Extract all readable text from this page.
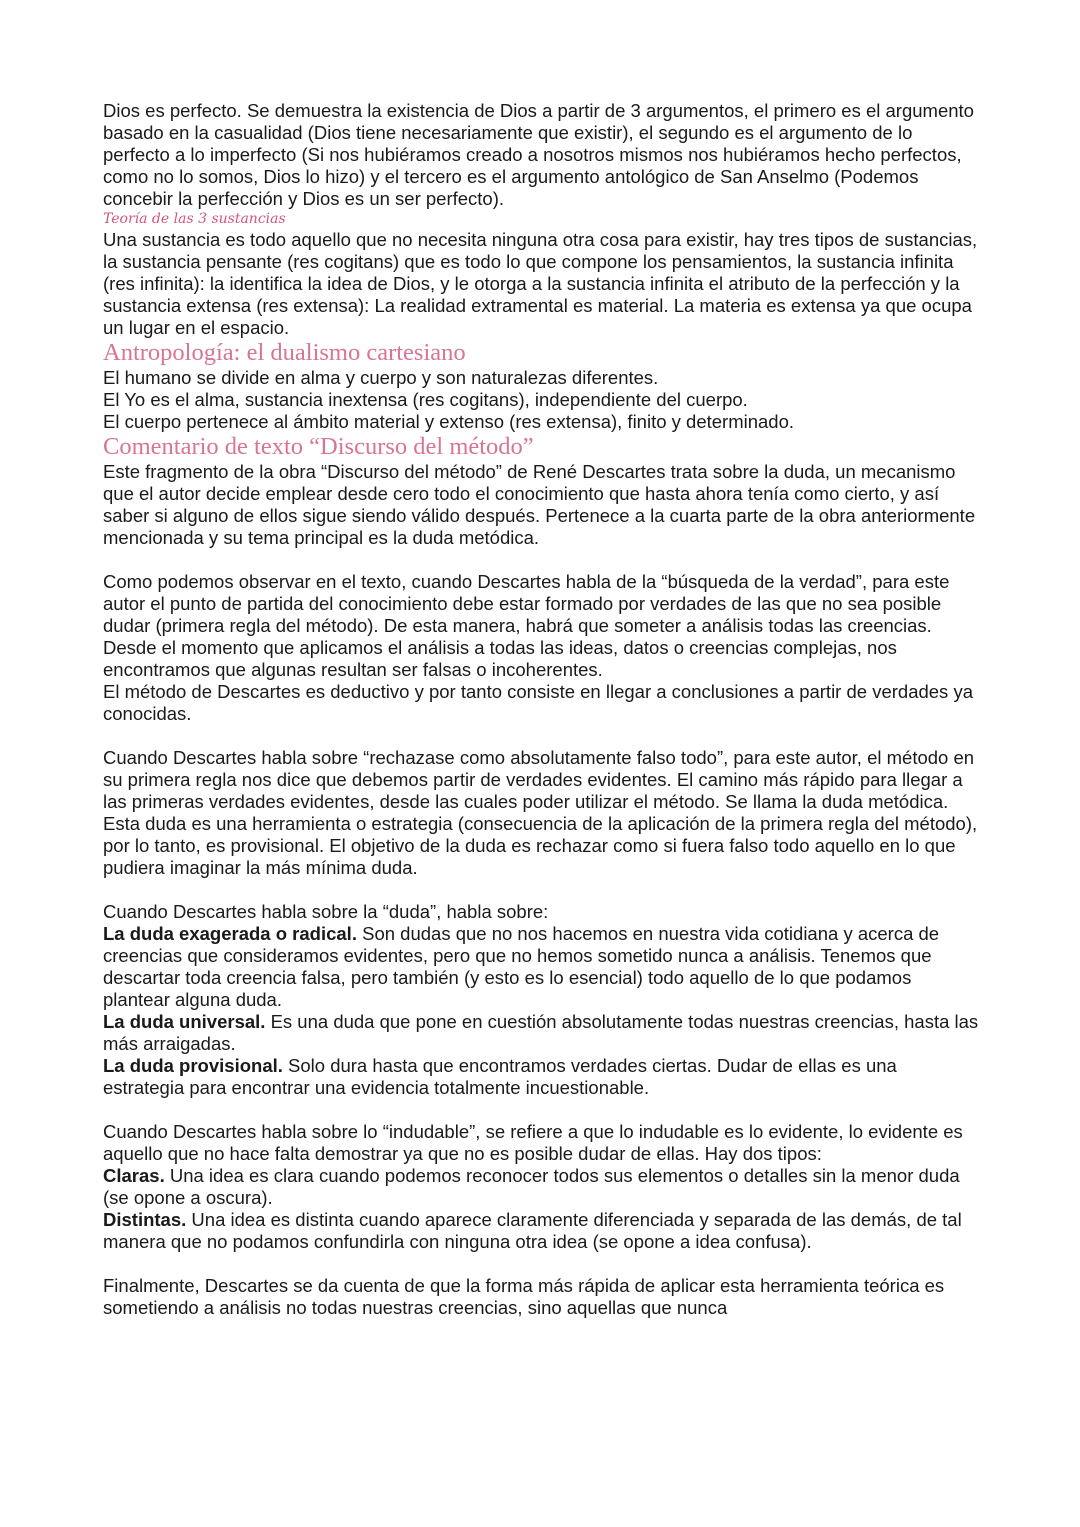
Dios es perfecto. Se demuestra la existencia de Dios a partir de 3 argumentos, el primero es el argumento basado en la casualidad (Dios tiene necesariamente que existir), el segundo es el argumento de lo perfecto a lo imperfecto (Si nos hubiéramos creado a nosotros mismos nos hubiéramos hecho perfectos, como no lo somos, Dios lo hizo) y el tercero es el argumento antológico de San Anselmo (Podemos concebir la perfección y Dios es un ser perfecto).

Teoría de las 3 sustancias

Una sustancia es todo aquello que no necesita ninguna otra cosa para existir, hay tres tipos de sustancias, la sustancia pensante (res cogitans) que es todo lo que compone los pensamientos, la sustancia infinita (res infinita): la identifica la idea de Dios, y le otorga a la sustancia infinita el atributo de la perfección y la sustancia extensa (res extensa): La realidad extramental es material. La materia es extensa ya que ocupa un lugar en el espacio.

Antropología: el dualismo cartesiano

El humano se divide en alma y cuerpo y son naturalezas diferentes.

El Yo es el alma, sustancia inextensa (res cogitans), independiente del cuerpo.

El cuerpo pertenece al ámbito material y extenso (res extensa), finito y determinado.

Comentario de texto “Discurso del método”

Este fragmento de la obra “Discurso del método” de René Descartes trata sobre la duda, un mecanismo que el autor decide emplear desde cero todo el conocimiento que hasta ahora tenía como cierto, y así saber si alguno de ellos sigue siendo válido después. Pertenece a la cuarta parte de la obra anteriormente mencionada y su tema principal es la duda metódica.

Como podemos observar en el texto, cuando Descartes habla de la “búsqueda de la verdad”, para este autor el punto de partida del conocimiento debe estar formado por verdades de las que no sea posible dudar (primera regla del método). De esta manera, habrá que someter a análisis todas las creencias. Desde el momento que aplicamos el análisis a todas las ideas, datos o creencias complejas, nos encontramos que algunas resultan ser falsas o incoherentes.

El método de Descartes es deductivo y por tanto consiste en llegar a conclusiones a partir de verdades ya conocidas.

Cuando Descartes habla sobre “rechazase como absolutamente falso todo”, para este autor, el método en su primera regla nos dice que debemos partir de verdades evidentes. El camino más rápido para llegar a las primeras verdades evidentes, desde las cuales poder utilizar el método. Se llama la duda metódica. Esta duda es una herramienta o estrategia (consecuencia de la aplicación de la primera regla del método), por lo tanto, es provisional. El objetivo de la duda es rechazar como si fuera falso todo aquello en lo que pudiera imaginar la más mínima duda.

Cuando Descartes habla sobre la “duda”, habla sobre:

La duda exagerada o radical. Son dudas que no nos hacemos en nuestra vida cotidiana y acerca de creencias que consideramos evidentes, pero que no hemos sometido nunca a análisis. Tenemos que descartar toda creencia falsa, pero también (y esto es lo esencial) todo aquello de lo que podamos plantear alguna duda.

La duda universal. Es una duda que pone en cuestión absolutamente todas nuestras creencias, hasta las más arraigadas.

La duda provisional. Solo dura hasta que encontramos verdades ciertas. Dudar de ellas es una estrategia para encontrar una evidencia totalmente incuestionable.

Cuando Descartes habla sobre lo “indudable”, se refiere a que lo indudable es lo evidente, lo evidente es aquello que no hace falta demostrar ya que no es posible dudar de ellas. Hay dos tipos:

Claras. Una idea es clara cuando podemos reconocer todos sus elementos o detalles sin la menor duda (se opone a oscura).

Distintas. Una idea es distinta cuando aparece claramente diferenciada y separada de las demás, de tal manera que no podamos confundirla con ninguna otra idea (se opone a idea confusa).

Finalmente, Descartes se da cuenta de que la forma más rápida de aplicar esta herramienta teórica es sometiendo a análisis no todas nuestras creencias, sino aquellas que nunca
